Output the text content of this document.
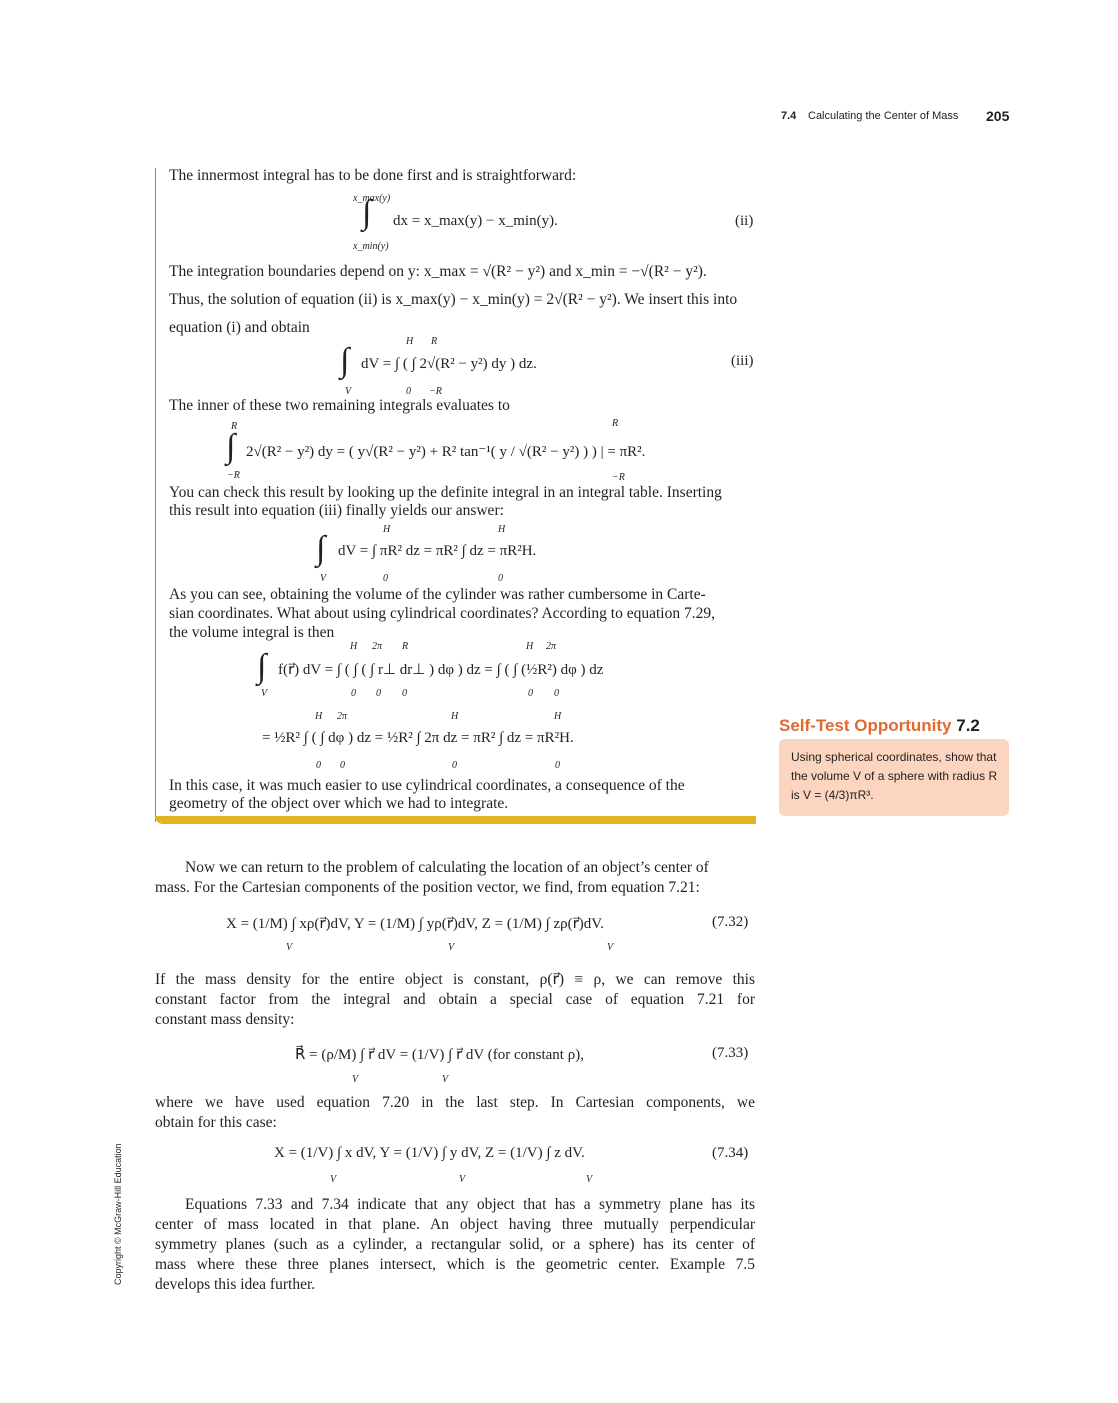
7.4 Calculating the Center of Mass 205
The innermost integral has to be done first and is straightforward:
x_max(y)
∫ dx = x_max(y) − x_min(y).
x_min(y)
(ii)
The integration boundaries depend on y: x_max = √(R² − y²) and x_min = −√(R² − y²).
Thus, the solution of equation (ii) is x_max(y) − x_min(y) = 2√(R² − y²). We insert this into
equation (i) and obtain
∫
V
dV = ∫ ( ∫ 2√(R² − y²) dy ) dz.
H
0
R
−R
(iii)
The inner of these two remaining integrals evaluates to
R
∫
−R
2√(R² − y²) dy = ( y√(R² − y²) + R² tan⁻¹( y / √(R² − y²) ) ) | = πR².
R
−R
You can check this result by looking up the definite integral in an integral table. Inserting
this result into equation (iii) finally yields our answer:
H	H
∫ dV = ∫ πR² dz = πR² ∫ dz = πR²H.
V	0	0
As you can see, obtaining the volume of the cylinder was rather cumbersome in Carte-
sian coordinates. What about using cylindrical coordinates? According to equation 7.29,
the volume integral is then
H 2π R	H 2π
∫ f(r⃗) dV = ∫ ( ∫ ( ∫ r⊥ dr⊥ ) dφ ) dz = ∫ ( ∫ (½R²) dφ ) dz
V	0 0 0	0 0
H 2π	H	H
= ½R² ∫ ( ∫ dφ ) dz = ½R² ∫ 2π dz = πR² ∫ dz = πR²H.
0 0	0	0
In this case, it was much easier to use cylindrical coordinates, a consequence of the
geometry of the object over which we had to integrate.
Self-Test Opportunity 7.2
Using spherical coordinates, show that the volume V of a sphere with radius R is V = (4/3)πR³.
Now we can return to the problem of calculating the location of an object’s center of
mass. For the Cartesian components of the position vector, we find, from equation 7.21:
X = (1/M) ∫ xρ(r⃗)dV, Y = (1/M) ∫ yρ(r⃗)dV, Z = (1/M) ∫ zρ(r⃗)dV.
V	V	V
(7.32)
If the mass density for the entire object is constant, ρ(r⃗) ≡ ρ, we can remove this
constant factor from the integral and obtain a special case of equation 7.21 for
constant mass density:
R⃗ = (ρ/M) ∫ r⃗ dV = (1/V) ∫ r⃗ dV (for constant ρ),
V	V
(7.33)
where we have used equation 7.20 in the last step. In Cartesian components, we
obtain for this case:
X = (1/V) ∫ x dV, Y = (1/V) ∫ y dV, Z = (1/V) ∫ z dV.
V	V	V
(7.34)
Equations 7.33 and 7.34 indicate that any object that has a symmetry plane has its
center of mass located in that plane. An object having three mutually perpendicular
symmetry planes (such as a cylinder, a rectangular solid, or a sphere) has its center of
mass where these three planes intersect, which is the geometric center. Example 7.5
develops this idea further.
Copyright © McGraw-Hill Education
